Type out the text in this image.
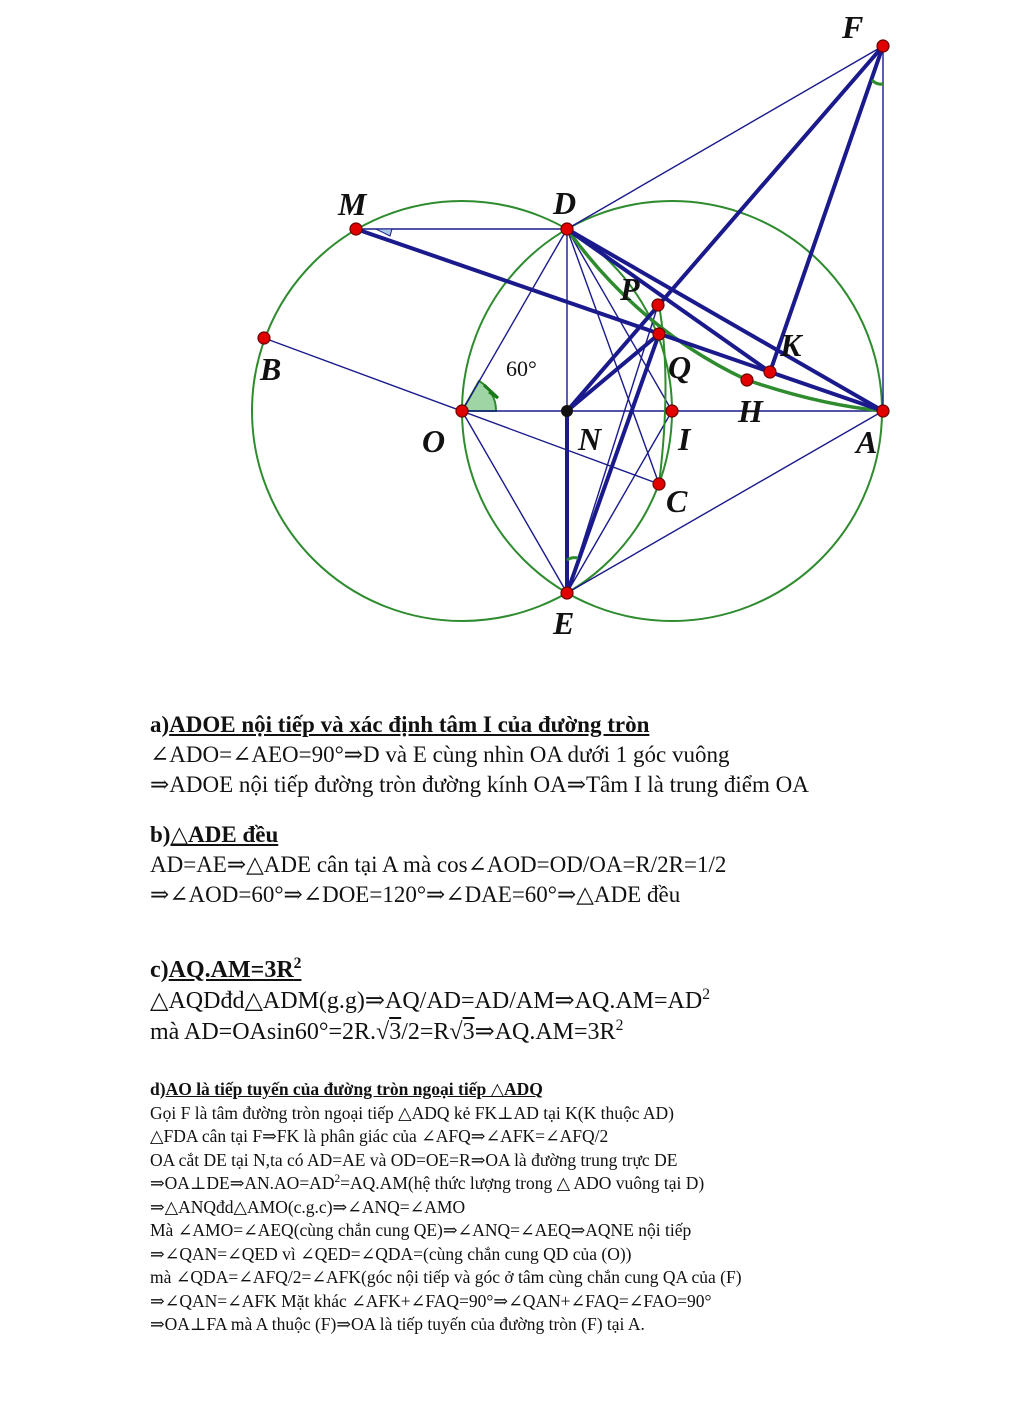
F
M	D
P
K
B	Q
H
O	N I	A
C
E
60°
a)ADOE nội tiếp và xác định tâm I của đường tròn
∠ADO=∠AEO=90°⇒D và E cùng nhìn OA dưới 1 góc vuông
⇒ADOE nội tiếp đường tròn đường kính OA⇒Tâm I là trung điểm OA
b)△ADE đều
AD=AE⇒△ADE cân tại A mà cos∠AOD=OD/OA=R/2R=1/2
⇒∠AOD=60°⇒∠DOE=120°⇒∠DAE=60°⇒△ADE đều
$c)AQ.AM=3R^2$
$\triangle AQDđd\triangle ADM(g.g)\Rightarrow AQ/AD=AD/AM\Rightarrow AQ.AM=AD^2$
mà AD=OAsin60°=2R. √ 3/2=R √ $3\Rightarrow AQ.AM=3R^2$
d)AO là tiếp tuyến của đường tròn ngoại tiếp △ADQ
Gọi F là tâm đường tròn ngoại tiếp △ADQ kẻ FK⊥AD tại K(K thuộc AD)
△FDA cân tại F⇒FK là phân giác của ∠AFQ⇒∠AFK=∠AFQ/2
OA cắt DE tại N,ta có AD=AE và OD=OE=R⇒OA là đường trung trực DE
$\Rightarrow OA\perp DE\Rightarrow AN.AO=AD^2=AQ.AM(hệ$ thức lượng trong △ ADO vuông tại D)
⇒△ANQđd△AMO(c.g.c)⇒∠ANQ=∠AMO
Mà ∠AMO=∠AEQ(cùng chắn cung QE)⇒∠ANQ=∠AEQ⇒AQNE nội tiếp
⇒∠QAN=∠QED vì ∠QED=∠QDA=(cùng chắn cung QD của (O))
mà ∠QDA=∠AFQ/2=∠AFK(góc nội tiếp và góc ở tâm cùng chắn cung QA của (F)
⇒∠QAN=∠AFK Mặt khác ∠AFK+∠FAQ=90°⇒∠QAN+∠FAQ=∠FAO=90°
⇒OA⊥FA mà A thuộc (F)⇒OA là tiếp tuyến của đường tròn (F) tại A.
